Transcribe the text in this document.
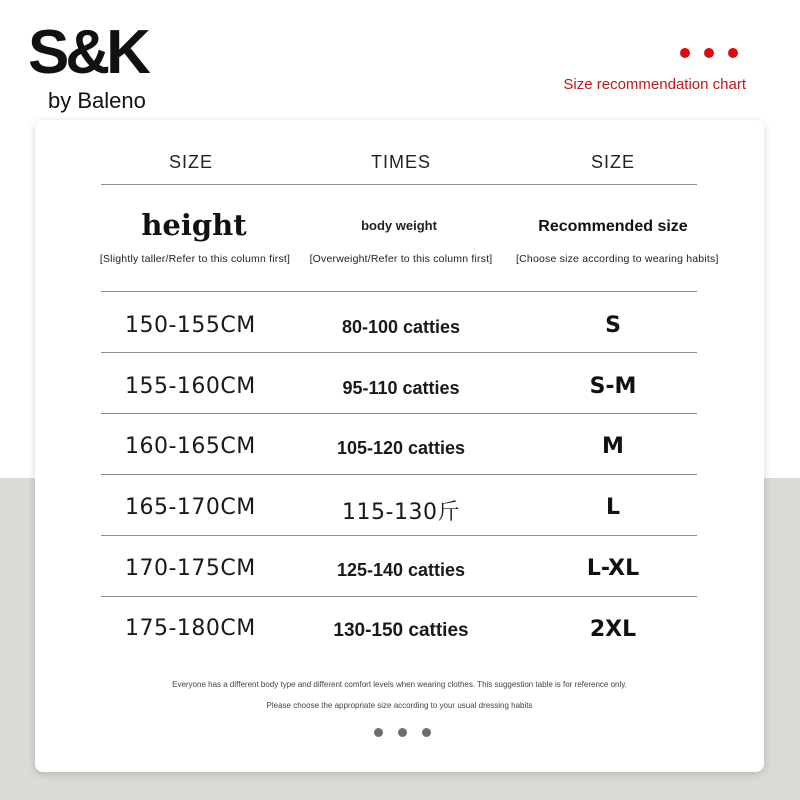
S&K
by Baleno
Size recommendation chart
SIZE	TIMES	SIZE
height	body weight	Recommended size
[Slightly taller/Refer to this column first]	[Overweight/Refer to this column first]	[Choose size according to wearing habits]
150-155CM	80-100 catties	S
155-160CM	95-110 catties	S-M
160-165CM	105-120 catties	M
165-170CM	115-130斤	L
170-175CM	125-140 catties	L-XL
175-180CM	130-150 catties	2XL
Everyone has a different body type and different comfort levels when wearing clothes. This suggestion table is for reference only.
Please choose the appropriate size according to your usual dressing habits
